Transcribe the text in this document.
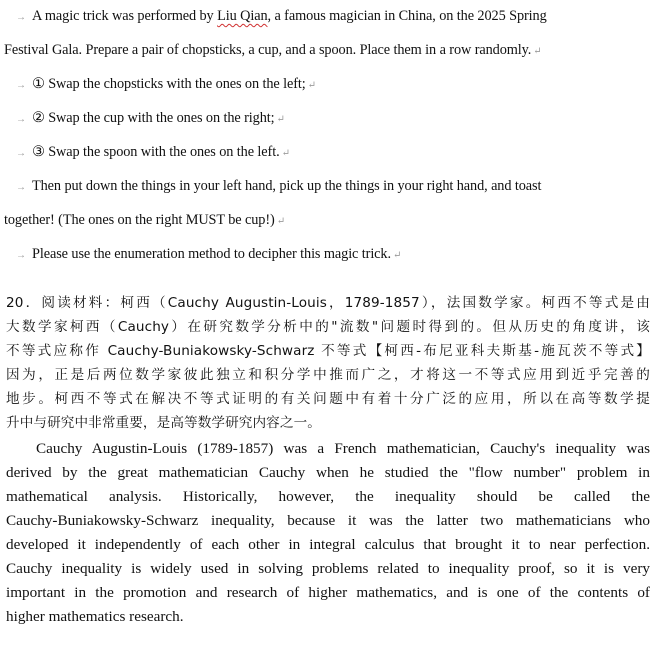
→ A magic trick was performed by Liu Qian, a famous magician in China, on the 2025 Spring
Festival Gala. Prepare a pair of chopsticks, a cup, and a spoon. Place them in a row randomly. ↵
→ ① Swap the chopsticks with the ones on the left; ↵
→ ② Swap the cup with the ones on the right; ↵
→ ③ Swap the spoon with the ones on the left. ↵
→ Then put down the things in your left hand, pick up the things in your right hand, and toast
together! (The ones on the right MUST be cup!) ↵
→ Please use the enumeration method to decipher this magic trick. ↵
20．阅读材料：柯西（Cauchy Augustin-Louis，1789-1857），法国数学家。柯西不等式是由
大数学家柯西（Cauchy）在研究数学分析中的"流数"问题时得到的。但从历史的角度讲，该
不等式应称作 Cauchy-Buniakowsky-Schwarz 不等式【柯西-布尼亚科夫斯基-施瓦茨不等式】
因为，正是后两位数学家彼此独立和积分学中推而广之，才将这一不等式应用到近乎完善的
地步。柯西不等式在解决不等式证明的有关问题中有着十分广泛的应用，所以在高等数学提
升中与研究中非常重要，是高等数学研究内容之一。
Cauchy Augustin-Louis (1789-1857) was a French mathematician, Cauchy's inequality was
derived by the great mathematician Cauchy when he studied the "flow number" problem in
mathematical analysis. Historically, however, the inequality should be called the
Cauchy-Buniakowsky-Schwarz inequality, because it was the latter two mathematicians who
developed it independently of each other in integral calculus that brought it to near perfection.
Cauchy inequality is widely used in solving problems related to inequality proof, so it is very
important in the promotion and research of higher mathematics, and is one of the contents of
higher mathematics research.
